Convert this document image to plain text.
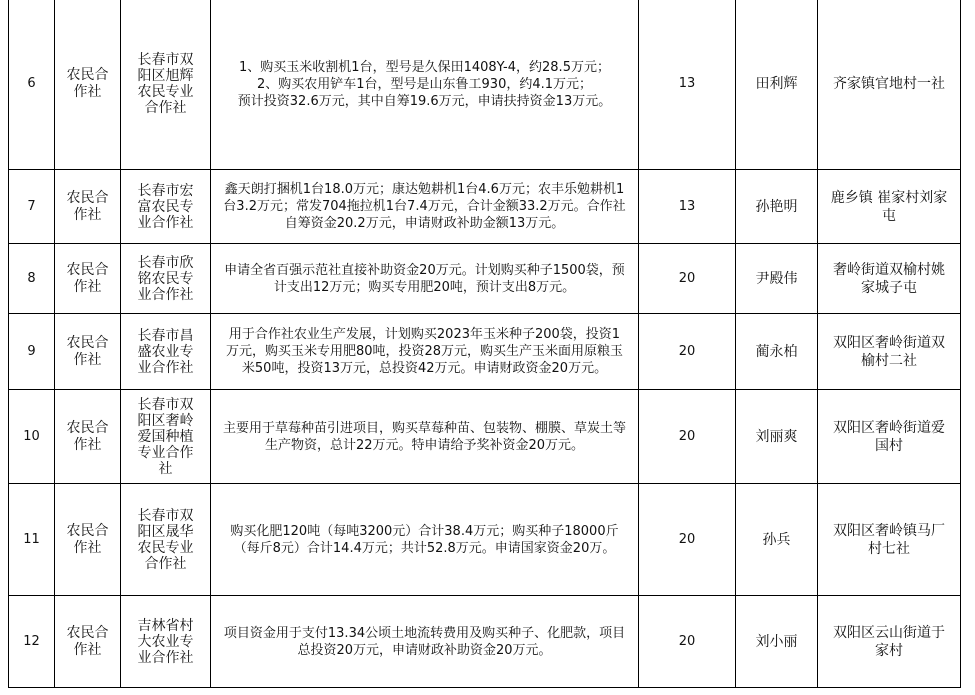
6	农民合作社	长春市双阳区旭辉农民专业合作社	1、购买玉米收割机1台，型号是久保田1408Y-4，约28.5万元；
2、购买农用铲车1台，型号是山东鲁工930，约4.1万元；
预计投资32.6万元，其中自筹19.6万元，申请扶持资金13万元。	13	田利辉	齐家镇官地村一社
7	农民合作社	长春市宏富农民专业合作社	鑫天朗打捆机1台18.0万元；康达勉耕机1台4.6万元；农丰乐勉耕机1台3.2万元；常发704拖拉机1台7.4万元，合计金额33.2万元。合作社自筹资金20.2万元，申请财政补助金额13万元。	13	孙艳明	鹿乡镇 崔家村刘家屯
8	农民合作社	长春市欣铭农民专业合作社	申请全省百强示范社直接补助资金20万元。计划购买种子1500袋，预计支出12万元；购买专用肥20吨，预计支出8万元。	20	尹殿伟	奢岭街道双榆村姚家城子屯
9	农民合作社	长春市昌盛农业专业合作社	用于合作社农业生产发展，计划购买2023年玉米种子200袋，投资1万元，购买玉米专用肥80吨，投资28万元，购买生产玉米面用原粮玉米50吨，投资13万元，总投资42万元。申请财政资金20万元。	20	蔺永柏	双阳区奢岭街道双榆村二社
10	农民合作社	长春市双阳区奢岭爱国种植专业合作社	主要用于草莓种苗引进项目，购买草莓种苗、包装物、棚膜、草炭土等生产物资，总计22万元。特申请给予奖补资金20万元。	20	刘丽爽	双阳区奢岭街道爱国村
11	农民合作社	长春市双阳区晟华农民专业合作社	购买化肥120吨（每吨3200元）合计38.4万元；购买种子18000斤（每斤8元）合计14.4万元；共计52.8万元。申请国家资金20万。	20	孙兵	双阳区奢岭镇马厂村七社
12	农民合作社	吉林省村大农业专业合作社	项目资金用于支付13.34公顷土地流转费用及购买种子、化肥款，项目总投资20万元，申请财政补助资金20万元。	20	刘小丽	双阳区云山街道于家村
